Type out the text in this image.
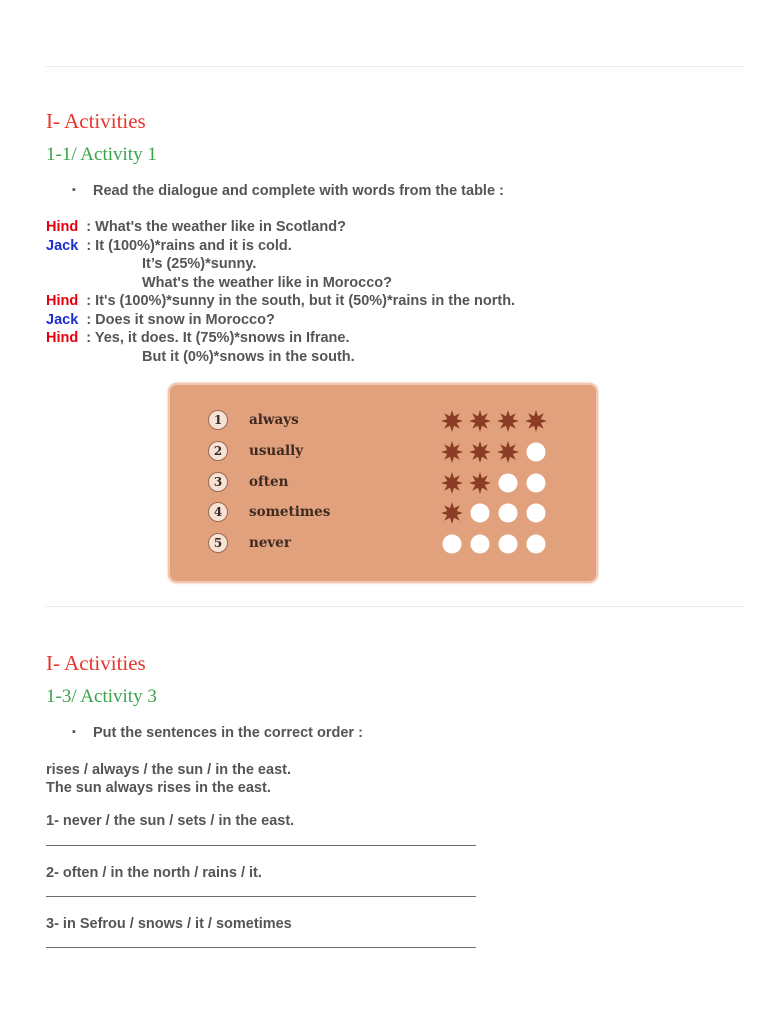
I- Activities
1-1/ Activity 1
▪ Read the dialogue and complete with words from the table :
Hind  : What's the weather like in Scotland?
Jack  : It (100%)*rains and it is cold.
It’s (25%)*sunny.
What's the weather like in Morocco?
Hind  : It's (100%)*sunny in the south, but it (50%)*rains in the north.
Jack  : Does it snow in Morocco?
Hind  : Yes, it does. It (75%)*snows in Ifrane.
But it (0%)*snows in the south.
1	always
2	usually
3	often
4	sometimes
5	never
I- Activities
1-3/ Activity 3
▪ Put the sentences in the correct order :
rises / always / the sun / in the east.
The sun always rises in the east.
1- never / the sun / sets / in the east.
2- often / in the north / rains / it.
3- in Sefrou / snows / it / sometimes
